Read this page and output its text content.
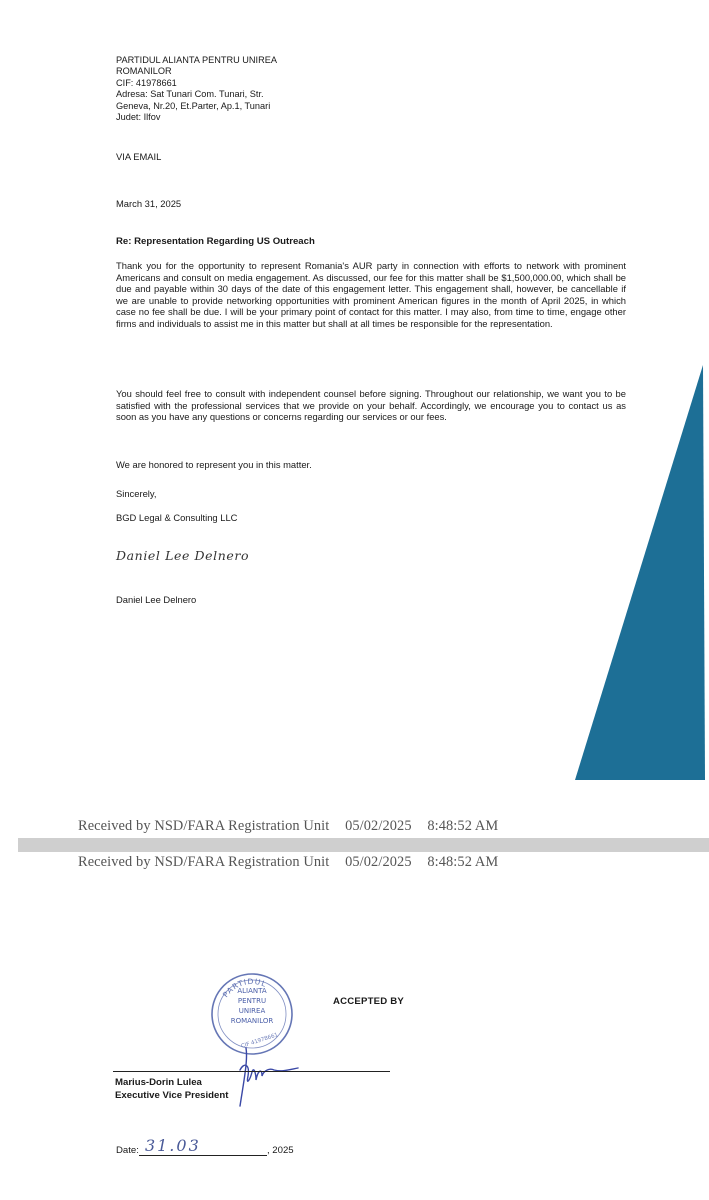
PARTIDUL ALIANTA PENTRU UNIREA
ROMANILOR
CIF: 41978661
Adresa: Sat Tunari Com. Tunari, Str.
Geneva, Nr.20, Et.Parter, Ap.1, Tunari
Judet: Ilfov
VIA EMAIL
March 31, 2025
Re: Representation Regarding US Outreach
Thank you for the opportunity to represent Romania's AUR party in connection with efforts to network with prominent Americans and consult on media engagement. As discussed, our fee for this matter shall be $1,500,000.00, which shall be due and payable within 30 days of the date of this engagement letter. This engagement shall, however, be cancellable if we are unable to provide networking opportunities with prominent American figures in the month of April 2025, in which case no fee shall be due. I will be your primary point of contact for this matter. I may also, from time to time, engage other firms and individuals to assist me in this matter but shall at all times be responsible for the representation.
You should feel free to consult with independent counsel before signing. Throughout our relationship, we want you to be satisfied with the professional services that we provide on your behalf. Accordingly, we encourage you to contact us as soon as you have any questions or concerns regarding our services or our fees.
We are honored to represent you in this matter.
Sincerely,
BGD Legal & Consulting LLC
Daniel Lee Delnero
Daniel Lee Delnero
Received by NSD/FARA Registration Unit 05/02/2025 8:48:52 AM
Received by NSD/FARA Registration Unit 05/02/2025 8:48:52 AM
PARTIDUL
ALIANTA
PENTRU
UNIREA
ROMANILOR
CIF 41978661
ACCEPTED BY
Marius-Dorin Lulea
Executive Vice President
Date: 31.03	, 2025
